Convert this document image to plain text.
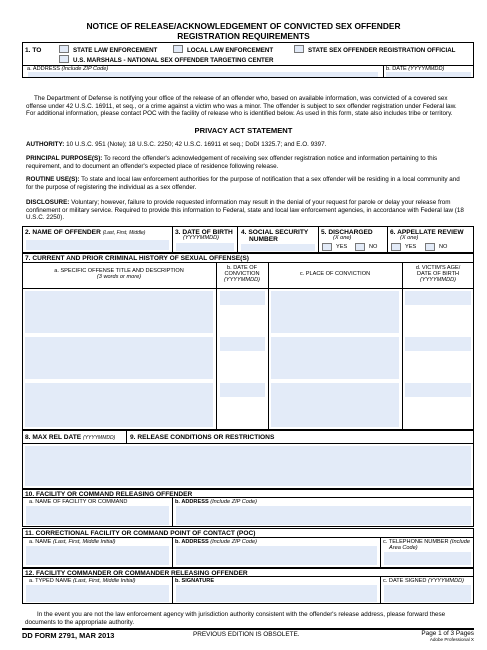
NOTICE OF RELEASE/ACKNOWLEDGEMENT OF CONVICTED SEX OFFENDER
REGISTRATION REQUIREMENTS
1. TO	STATE LAW ENFORCEMENT	LOCAL LAW ENFORCEMENT	STATE SEX OFFENDER REGISTRATION OFFICIAL
U.S. MARSHALS - NATIONAL SEX OFFENDER TARGETING CENTER
a. ADDRESS (Include ZIP Code)	b. DATE (YYYYMMDD)
The Department of Defense is notifying your office of the release of an offender who, based on available information, was convicted of a covered sex offense under 42 U.S.C. 16911, et seq., or a crime against a victim who was a minor. The offender is subject to sex offender registration under Federal law. For additional information, please contact POC with the facility of release who is identified below. As used in this form, state also includes tribe or territory.
PRIVACY ACT STATEMENT
AUTHORITY: 10 U.S.C. 951 (Note); 18 U.S.C. 2250; 42 U.S.C. 16911 et seq.; DoDI 1325.7; and E.O. 9397.
PRINCIPAL PURPOSE(S): To record the offender's acknowledgement of receiving sex offender registration notice and information pertaining to this requirement, and to document an offender's expected place of residence following release.
ROUTINE USE(S): To state and local law enforcement authorities for the purpose of notification that a sex offender will be residing in a local community and for the purpose of registering the individual as a sex offender.
DISCLOSURE: Voluntary; however, failure to provide requested information may result in the denial of your request for parole or delay your release from confinement or military service. Required to provide this information to Federal, state and local law enforcement agencies, in accordance with Federal law (18 U.S.C. 2250).
2. NAME OF OFFENDER (Last, First, Middle)	3. DATE OF BIRTH
(YYYYMMDD)
4. SOCIAL SECURITY
NUMBER
5. DISCHARGED
(X one)
YES	NO
6. APPELLATE REVIEW
(X one)
YES	NO
7. CURRENT AND PRIOR CRIMINAL HISTORY OF SEXUAL OFFENSE(S)
a. SPECIFIC OFFENSE TITLE AND DESCRIPTION
(3 words or more)
b. DATE OF
CONVICTION
(YYYYMMDD)
c. PLACE OF CONVICTION
d. VICTIM'S AGE/
DATE OF BIRTH
(YYYYMMDD)
8. MAX REL DATE (YYYYMMDD) 9. RELEASE CONDITIONS OR RESTRICTIONS
10. FACILITY OR COMMAND RELEASING OFFENDER
a. NAME OF FACILITY OR COMMAND	b. ADDRESS (Include ZIP Code)
11. CORRECTIONAL FACILITY OR COMMAND POINT OF CONTACT (POC)
a. NAME (Last, First, Middle Initial)	b. ADDRESS (Include ZIP Code)	c. TELEPHONE NUMBER (Include
Area Code)
12. FACILITY COMMANDER OR COMMANDER RELEASING OFFENDER
a. TYPED NAME (Last, First, Middle Initial)	b. SIGNATURE	c. DATE SIGNED (YYYYMMDD)
In the event you are not the law enforcement agency with jurisdiction authority consistent with the offender's release address, please forward these documents to the appropriate authority.
DD FORM 2791, MAR 2013	PREVIOUS EDITION IS OBSOLETE.	Page 1 of 3 Pages
Adobe Professional X
